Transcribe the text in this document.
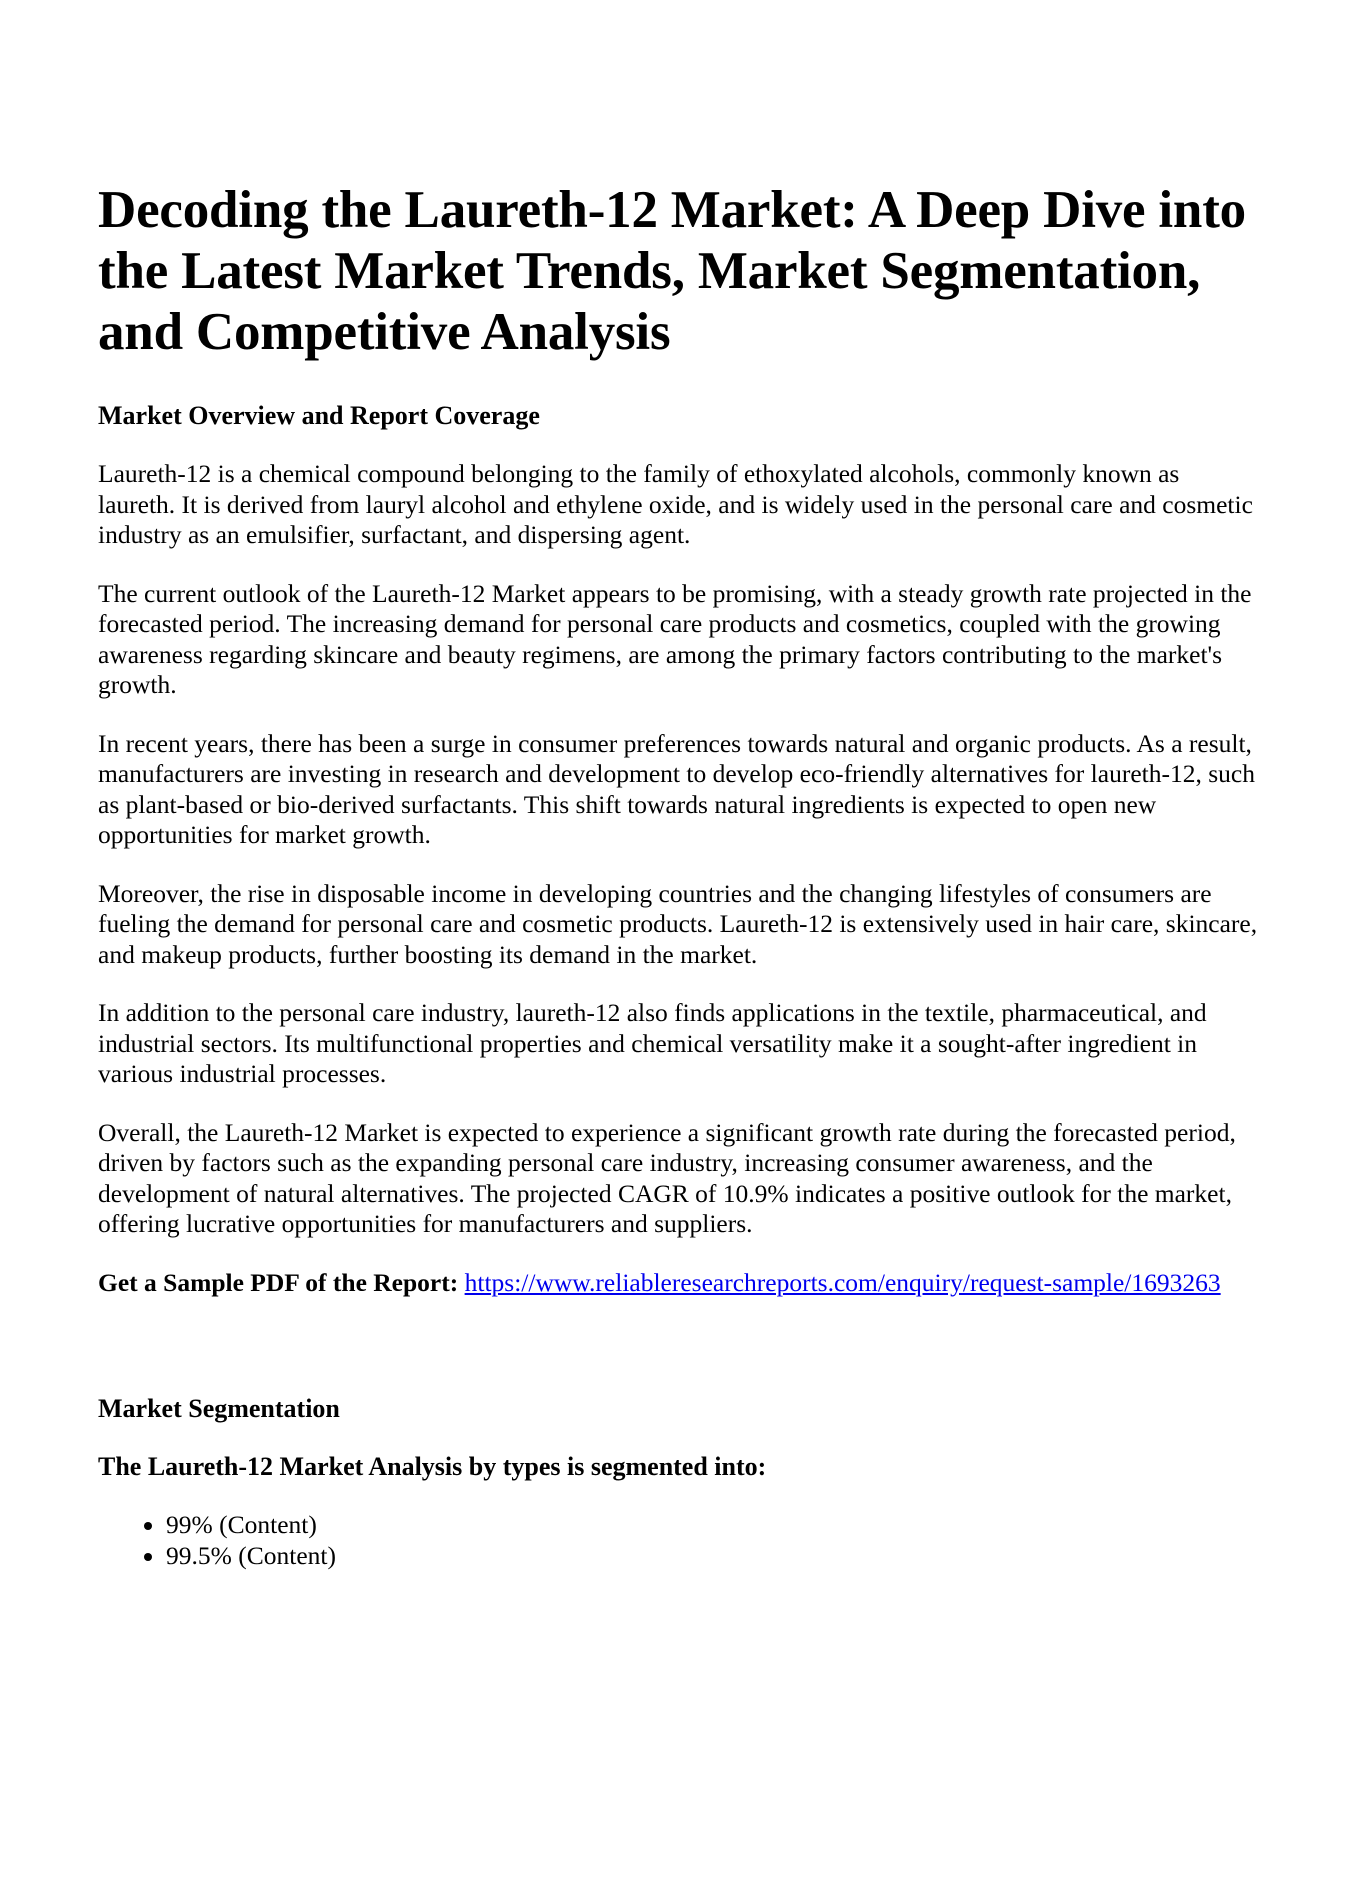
Decoding the Laureth-12 Market: A Deep Dive into the Latest Market Trends, Market Segmentation, and Competitive Analysis
Market Overview and Report Coverage

Laureth-12 is a chemical compound belonging to the family of ethoxylated alcohols, commonly known as laureth. It is derived from lauryl alcohol and ethylene oxide, and is widely used in the personal care and cosmetic industry as an emulsifier, surfactant, and dispersing agent.

The current outlook of the Laureth-12 Market appears to be promising, with a steady growth rate projected in the forecasted period. The increasing demand for personal care products and cosmetics, coupled with the growing awareness regarding skincare and beauty regimens, are among the primary factors contributing to the market's growth.

In recent years, there has been a surge in consumer preferences towards natural and organic products. As a result, manufacturers are investing in research and development to develop eco-friendly alternatives for laureth-12, such as plant-based or bio-derived surfactants. This shift towards natural ingredients is expected to open new opportunities for market growth.

Moreover, the rise in disposable income in developing countries and the changing lifestyles of consumers are fueling the demand for personal care and cosmetic products. Laureth-12 is extensively used in hair care, skincare, and makeup products, further boosting its demand in the market.

In addition to the personal care industry, laureth-12 also finds applications in the textile, pharmaceutical, and industrial sectors. Its multifunctional properties and chemical versatility make it a sought-after ingredient in various industrial processes.

Overall, the Laureth-12 Market is expected to experience a significant growth rate during the forecasted period, driven by factors such as the expanding personal care industry, increasing consumer awareness, and the development of natural alternatives. The projected CAGR of 10.9% indicates a positive outlook for the market, offering lucrative opportunities for manufacturers and suppliers.

Get a Sample PDF of the Report: https://www.reliableresearchreports.com/enquiry/request-sample/1693263

Market Segmentation
The Laureth-12 Market Analysis by types is segmented into:
• 99% (Content)
• 99.5% (Content)
